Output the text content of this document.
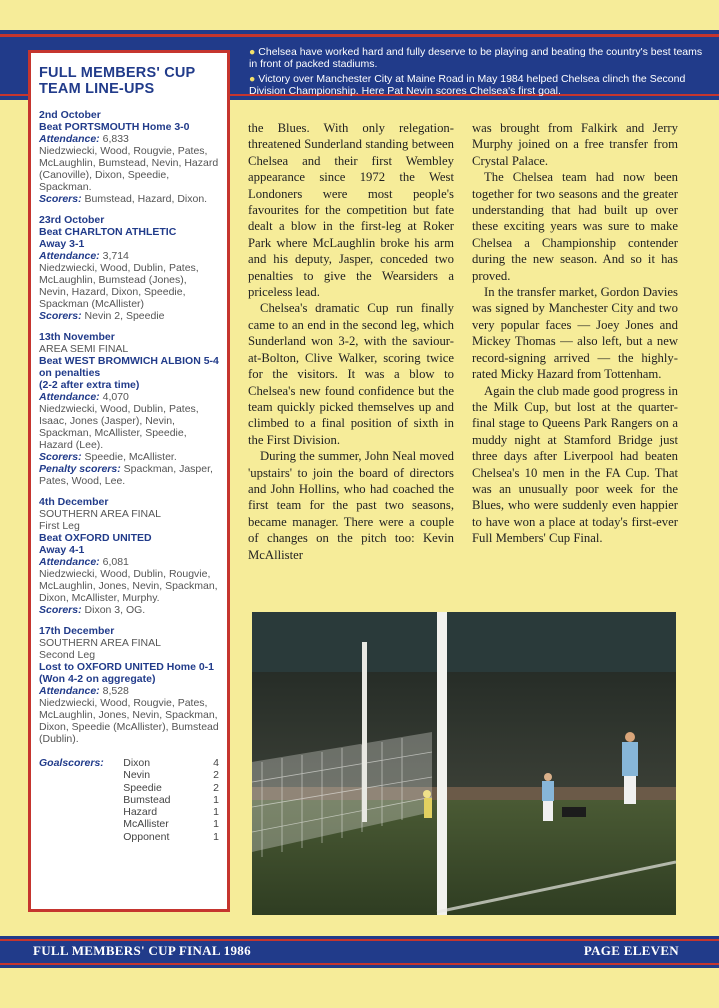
● Chelsea have worked hard and fully deserve to be playing and beating the country's best teams in front of packed stadiums.

● Victory over Manchester City at Maine Road in May 1984 helped Chelsea clinch the Second Division Championship. Here Pat Nevin scores Chelsea's first goal.

FULL MEMBERS' CUP
TEAM LINE-UPS
2nd October
Beat PORTSMOUTH Home 3-0
Attendance: 6,833
Niedzwiecki, Wood, Rougvie, Pates, McLaughlin, Bumstead, Nevin, Hazard (Canoville), Dixon, Speedie, Spackman.
Scorers: Bumstead, Hazard, Dixon.
23rd October
Beat CHARLTON ATHLETIC
Away 3-1
Attendance: 3,714
Niedzwiecki, Wood, Dublin, Pates, McLaughlin, Bumstead (Jones), Nevin, Hazard, Dixon, Speedie, Spackman (McAllister)
Scorers: Nevin 2, Speedie
13th November
AREA SEMI FINAL
Beat WEST BROMWICH ALBION 5-4 on penalties
(2-2 after extra time)
Attendance: 4,070
Niedzwiecki, Wood, Dublin, Pates, Isaac, Jones (Jasper), Nevin, Spackman, McAllister, Speedie, Hazard (Lee).
Scorers: Speedie, McAllister.
Penalty scorers: Spackman, Jasper, Pates, Wood, Lee.
4th December
SOUTHERN AREA FINAL
First Leg
Beat OXFORD UNITED
Away 4-1
Attendance: 6,081
Niedzwiecki, Wood, Dublin, Rougvie, McLaughlin, Jones, Nevin, Spackman, Dixon, McAllister, Murphy.
Scorers: Dixon 3, OG.
17th December
SOUTHERN AREA FINAL
Second Leg
Lost to OXFORD UNITED Home 0-1
(Won 4-2 on aggregate)
Attendance: 8,528
Niedzwiecki, Wood, Rougvie, Pates, McLaughlin, Jones, Nevin, Spackman, Dixon, Speedie (McAllister), Bumstead (Dublin).
Goalscorers:	Dixon
Nevin
Speedie
Bumstead
Hazard
McAllister
Opponent
4
2
2
1
1
1
1

the Blues. With only relegation-threatened Sunderland standing between Chelsea and their first Wembley appearance since 1972 the West Londoners were most people's favourites for the competition but fate dealt a blow in the first-leg at Roker Park where McLaughlin broke his arm and his deputy, Jasper, conceded two penalties to give the Wearsiders a priceless lead.

Chelsea's dramatic Cup run finally came to an end in the second leg, which Sunderland won 3-2, with the saviour-at-Bolton, Clive Walker, scoring twice for the visitors. It was a blow to Chelsea's new found confidence but the team quickly picked themselves up and climbed to a final position of sixth in the First Division.

During the summer, John Neal moved 'upstairs' to join the board of directors and John Hollins, who had coached the first team for the past two seasons, became manager. There were a couple of changes on the pitch too: Kevin McAllister

was brought from Falkirk and Jerry Murphy joined on a free transfer from Crystal Palace.

The Chelsea team had now been together for two seasons and the greater understanding that had built up over these exciting years was sure to make Chelsea a Championship contender during the new season. And so it has proved.

In the transfer market, Gordon Davies was signed by Manchester City and two very popular faces — Joey Jones and Mickey Thomas — also left, but a new record-signing arrived — the highly-rated Micky Hazard from Tottenham.

Again the club made good progress in the Milk Cup, but lost at the quarter-final stage to Queens Park Rangers on a muddy night at Stamford Bridge just three days after Liverpool had beaten Chelsea's 10 men in the FA Cup. That was an unusually poor week for the Blues, who were suddenly even happier to have won a place at today's first-ever Full Members' Cup Final.

FULL MEMBERS' CUP FINAL 1986	PAGE ELEVEN
